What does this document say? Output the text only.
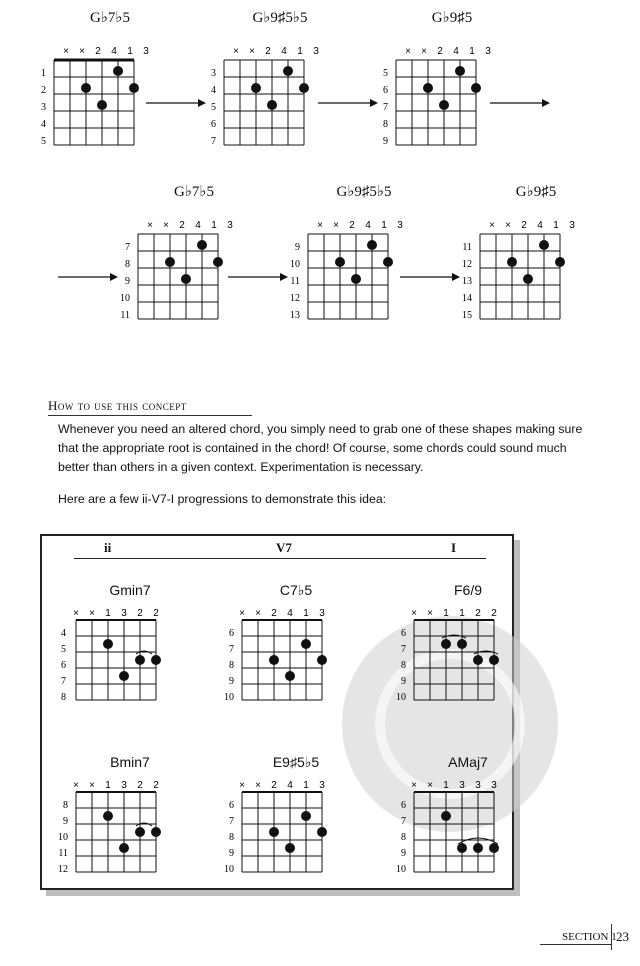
G♭7♭5
× × 2 4 1 3
1
2
3
4
5
G♭9♯5♭5
× × 2 4 1 3
3
4
5
6
7
G♭9♯5
× × 2 4 1 3
5
6
7
8
9
G♭7♭5
× × 2 4 1 3
7
8
9
10
11
G♭9♯5♭5
× × 2 4 1 3
9
10
11
12
13
G♭9♯5
× × 2 4 1 3
11
12
13
14
15
How to use this concept
Whenever you need an altered chord, you simply need to grab one of these shapes making sure
that the appropriate root is contained in the chord! Of course, some chords could sound much
better than others in a given context. Experimentation is necessary.
Here are a few ii-V7-I progressions to demonstrate this idea:
ii	V7	I
Gmin7
× × 1 3 2 2
4
5
6
7
8
C7♭5
× × 2 4 1 3
6
7
8
9
10
F6/9
× × 1 1 2 2
6
7
8
9
10
Bmin7
× × 1 3 2 2
8
9
10
11
12
E9♯5♭5
× × 2 4 1 3
6
7
8
9
10
AMaj7
× × 1 3 3 3
6
7
8
9
10
SECTION 1 23
